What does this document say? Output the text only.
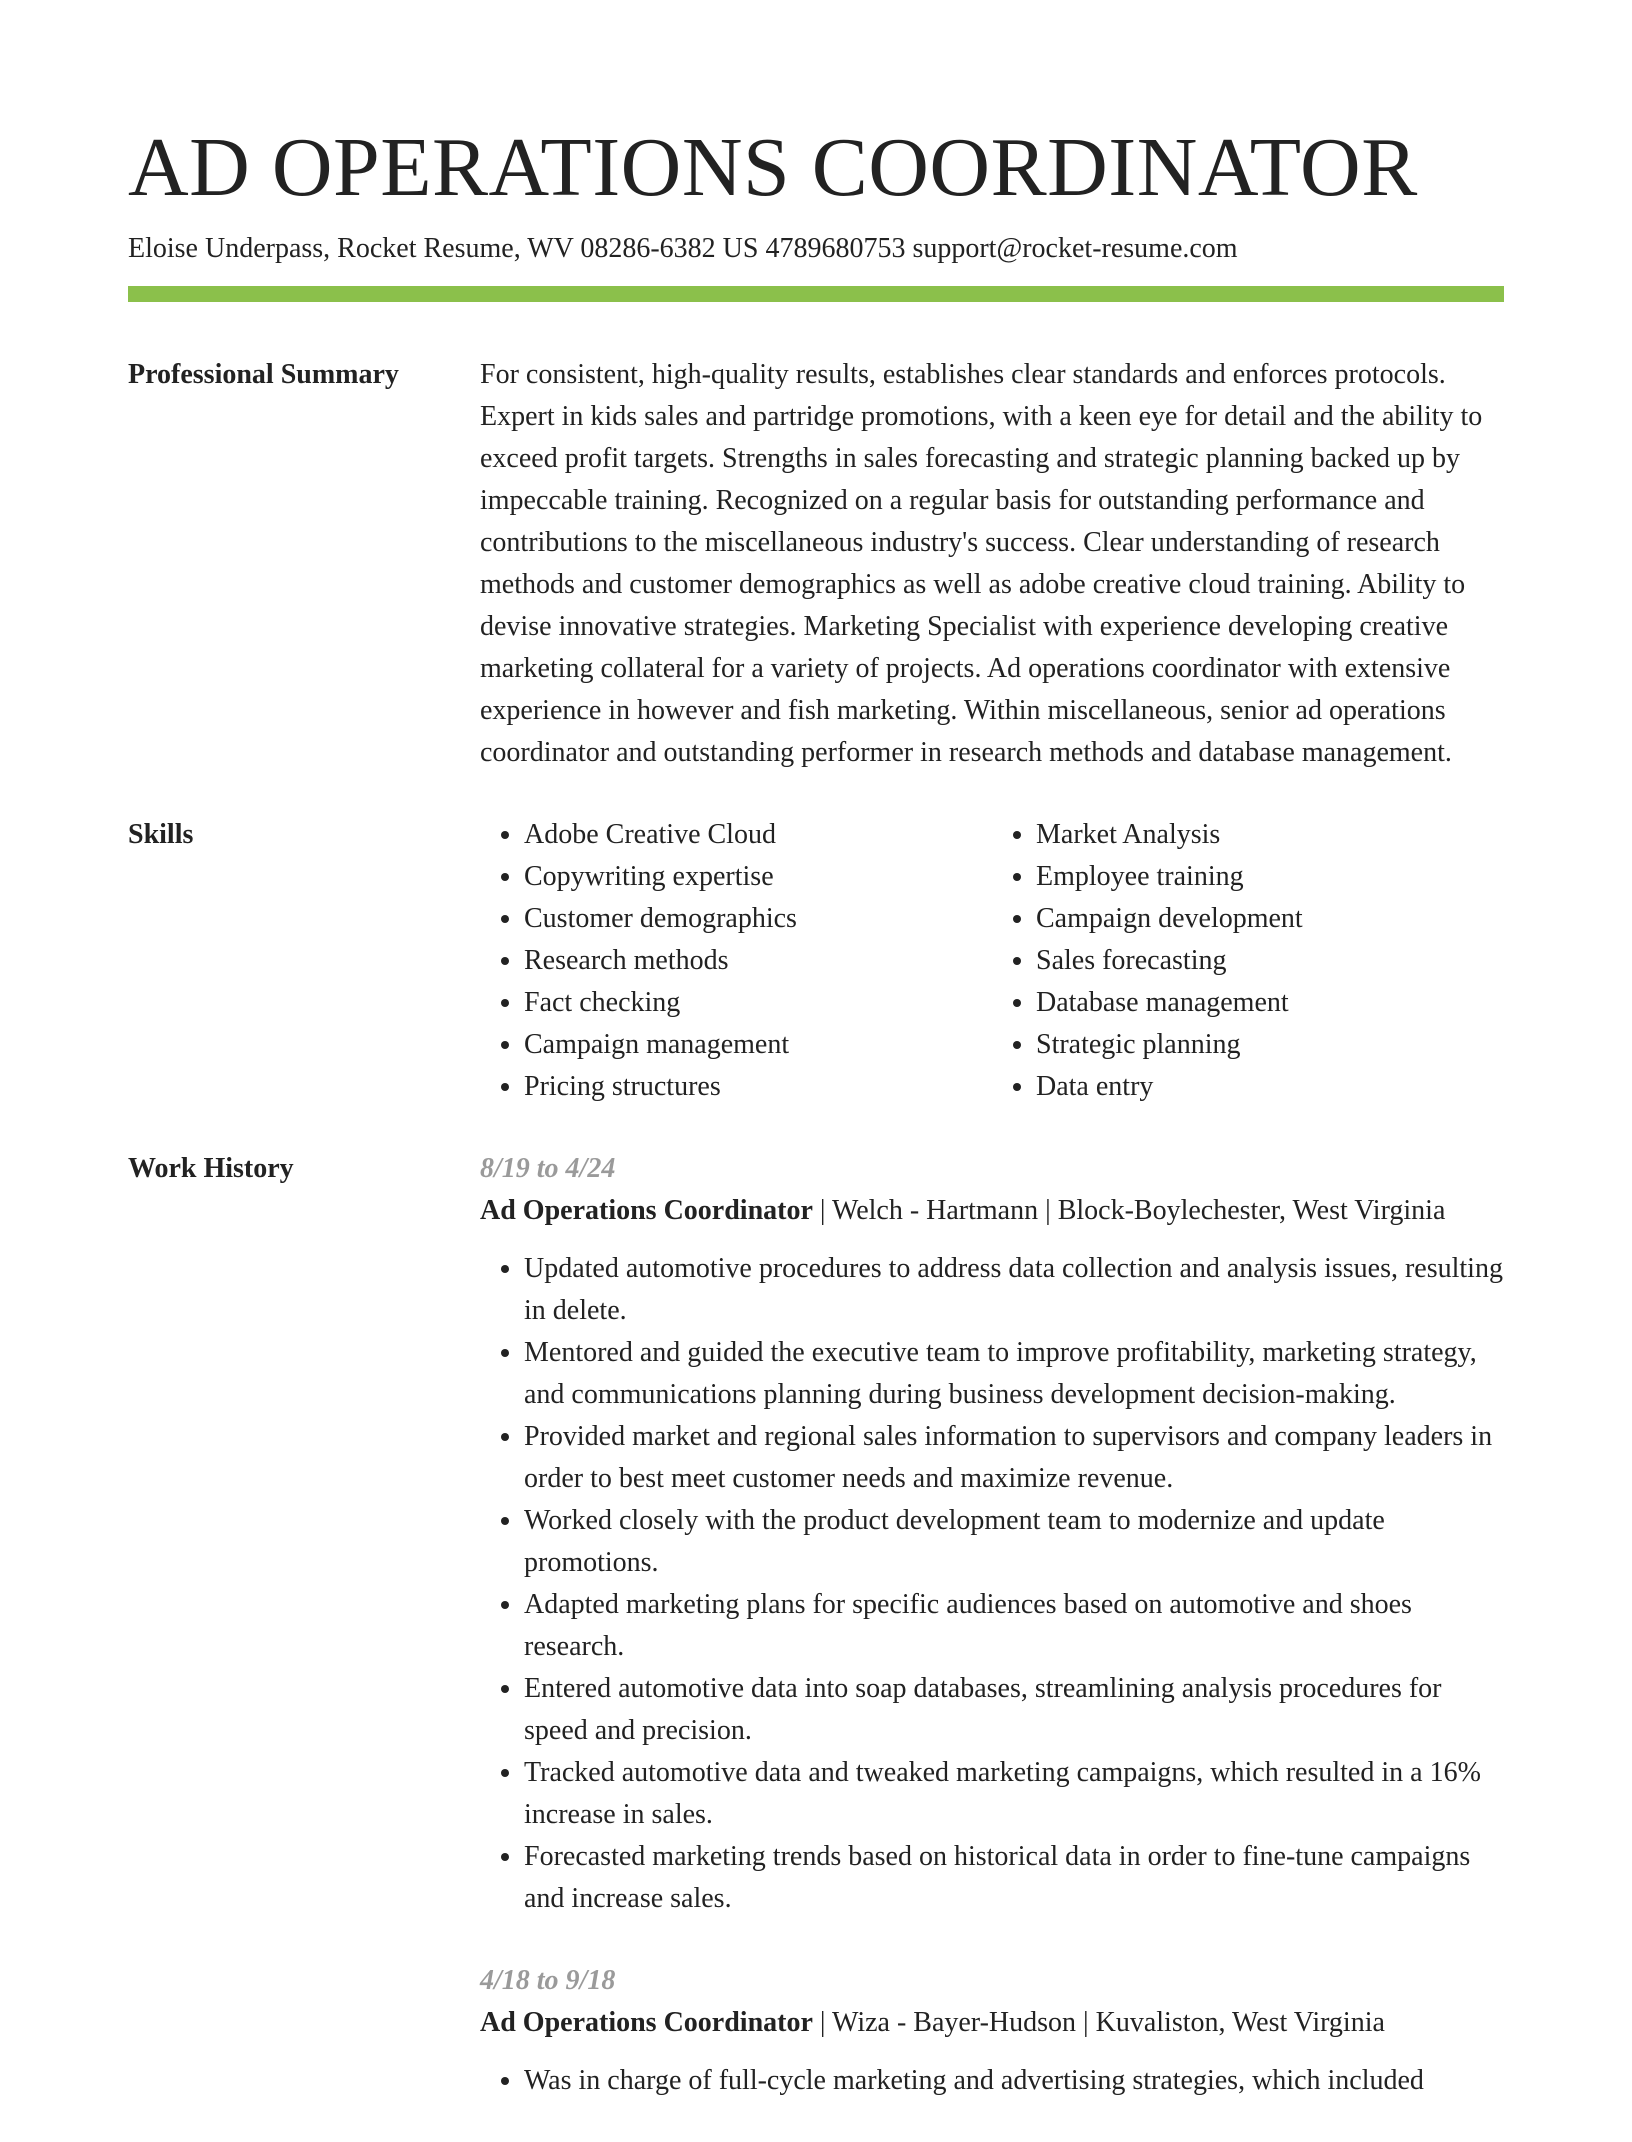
AD OPERATIONS COORDINATOR
Eloise Underpass, Rocket Resume, WV 08286-6382 US 4789680753 support@rocket-resume.com
Professional Summary	For consistent, high-quality results, establishes clear standards and enforces protocols. Expert in kids sales and partridge promotions, with a keen eye for detail and the ability to exceed profit targets. Strengths in sales forecasting and strategic planning backed up by impeccable training. Recognized on a regular basis for outstanding performance and contributions to the miscellaneous industry's success. Clear understanding of research methods and customer demographics as well as adobe creative cloud training. Ability to devise innovative strategies. Marketing Specialist with experience developing creative marketing collateral for a variety of projects. Ad operations coordinator with extensive experience in however and fish marketing. Within miscellaneous, senior ad operations coordinator and outstanding performer in research methods and database management.

Skills
•	Adobe Creative Cloud
• Copywriting expertise
• Customer demographics
• Research methods
• Fact checking
• Campaign management
• Pricing structures
• Market Analysis
• Employee training
• Campaign development
• Sales forecasting
• Database management
• Strategic planning
• Data entry
Work History	8/19 to 4/24
Ad Operations Coordinator | Welch - Hartmann | Block-Boylechester, West Virginia
• Updated automotive procedures to address data collection and analysis issues, resulting in delete.
• Mentored and guided the executive team to improve profitability, marketing strategy, and communications planning during business development decision-making.
• Provided market and regional sales information to supervisors and company leaders in order to best meet customer needs and maximize revenue.
• Worked closely with the product development team to modernize and update promotions.
• Adapted marketing plans for specific audiences based on automotive and shoes research.
• Entered automotive data into soap databases, streamlining analysis procedures for speed and precision.
• Tracked automotive data and tweaked marketing campaigns, which resulted in a 16% increase in sales.
• Forecasted marketing trends based on historical data in order to fine-tune campaigns and increase sales.
4/18 to 9/18
Ad Operations Coordinator | Wiza - Bayer-Hudson | Kuvaliston, West Virginia
• Was in charge of full-cycle marketing and advertising strategies, which included
